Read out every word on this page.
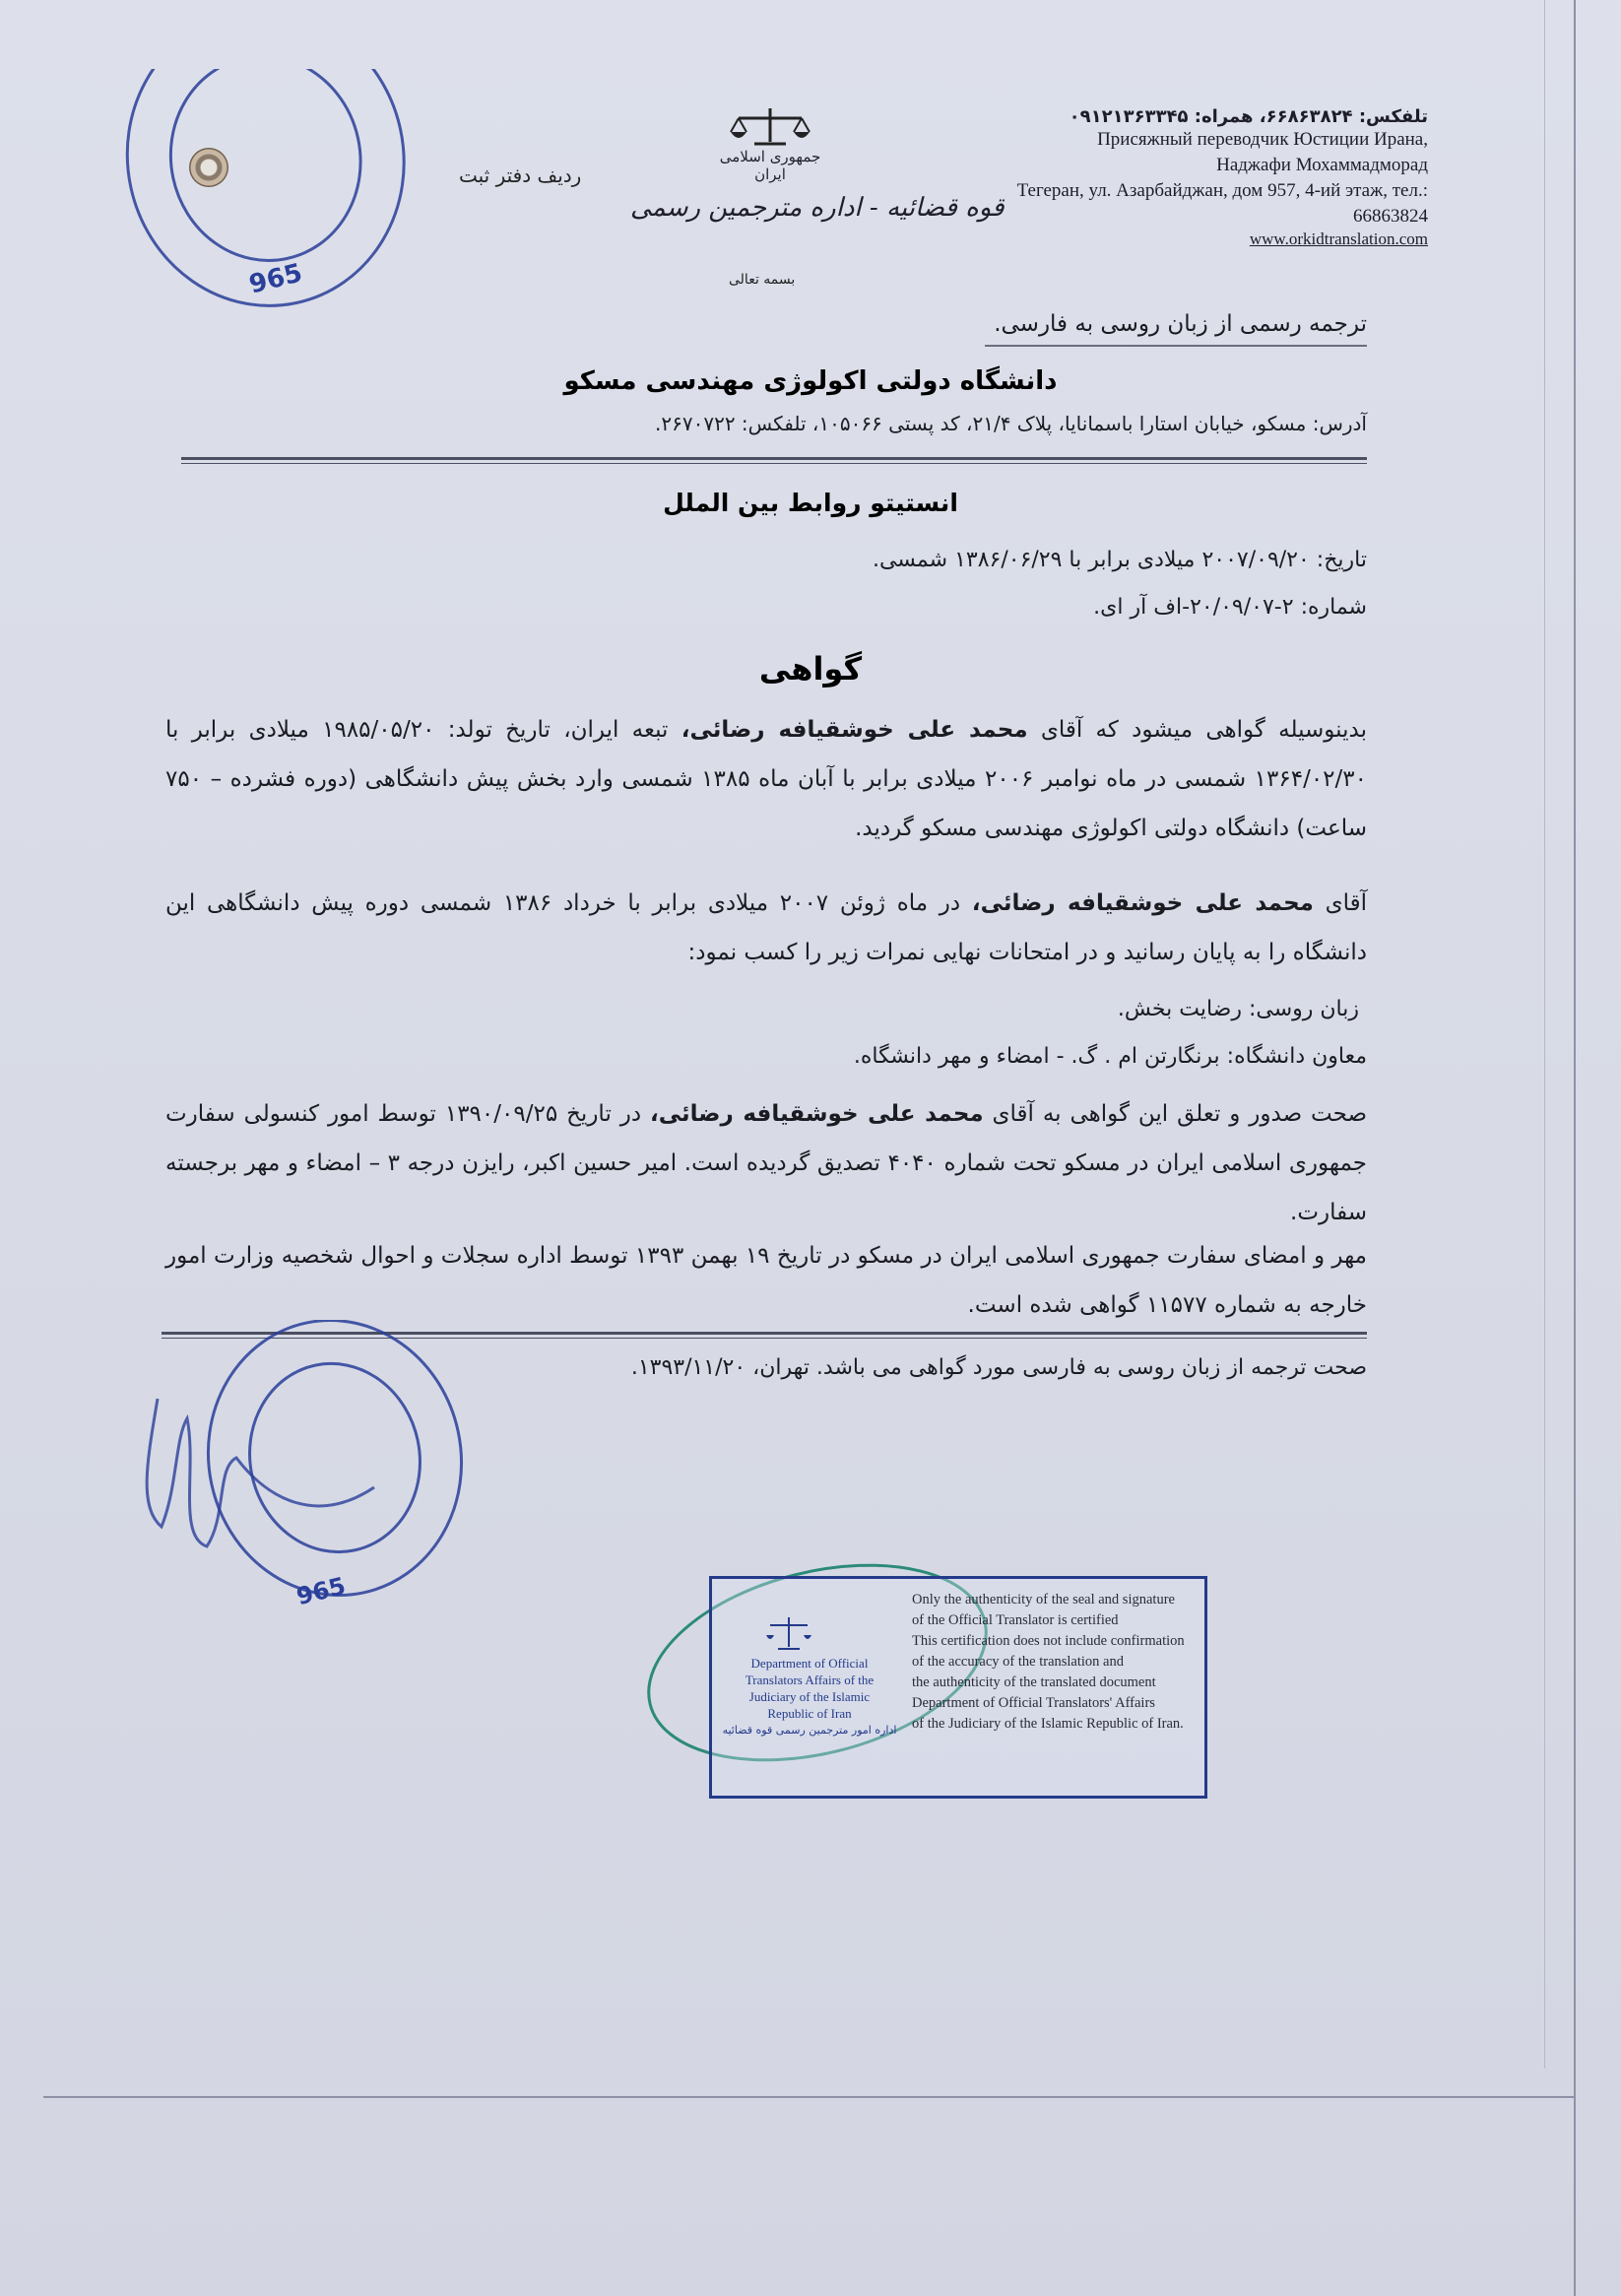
تلفکس: ۶۶۸۶۳۸۲۴، همراه: ۰۹۱۲۱۳۶۳۳۴۵
Присяжный переводчик Юстиции Ирана,
Наджафи Мохаммадморад
Тегеран, ул. Азарбайджан, дом 957, 4-ий этаж, тел.: 66863824
www.orkidtranslation.com
جمهوری اسلامی ایران
قوه قضائیه - اداره مترجمین رسمی
ردیف دفتر ثبت
بسمه تعالی
965
ترجمه رسمی از زبان روسی به فارسی.
دانشگاه دولتی اکولوژی مهندسی مسکو
آدرس: مسکو، خیابان استارا باسمانایا، پلاک ۲۱/۴، کد پستی ۱۰۵۰۶۶، تلفکس: ۲۶۷۰۷۲۲.
انستیتو روابط بین الملل
تاریخ: ۲۰۰۷/۰۹/۲۰ میلادی برابر با ۱۳۸۶/۰۶/۲۹ شمسی.
شماره: ۲-۲۰/۰۹/۰۷-اف آر ای.
گواهی
بدینوسیله گواهی میشود که آقای محمد علی خوشقیافه رضائی، تبعه ایران، تاریخ تولد: ۱۹۸۵/۰۵/۲۰ میلادی برابر با ۱۳۶۴/۰۲/۳۰ شمسی در ماه نوامبر ۲۰۰۶ میلادی برابر با آبان ماه ۱۳۸۵ شمسی وارد بخش پیش دانشگاهی (دوره فشرده – ۷۵۰ ساعت) دانشگاه دولتی اکولوژی مهندسی مسکو گردید.
آقای محمد علی خوشقیافه رضائی، در ماه ژوئن ۲۰۰۷ میلادی برابر با خرداد ۱۳۸۶ شمسی دوره پیش دانشگاهی این دانشگاه را به پایان رسانید و در امتحانات نهایی نمرات زیر را کسب نمود:
زبان روسی: رضایت بخش.
معاون دانشگاه: برنگارتن ام . گ. - امضاء و مهر دانشگاه.
صحت صدور و تعلق این گواهی به آقای محمد علی خوشقیافه رضائی، در تاریخ ۱۳۹۰/۰۹/۲۵ توسط امور کنسولی سفارت جمهوری اسلامی ایران در مسکو تحت شماره ۴۰۴۰ تصدیق گردیده است. امیر حسین اکبر، رایزن درجه ۳ – امضاء و مهر برجسته سفارت.
مهر و امضای سفارت جمهوری اسلامی ایران در مسکو در تاریخ ۱۹ بهمن ۱۳۹۳ توسط اداره سجلات و احوال شخصیه وزارت امور خارجه به شماره ۱۱۵۷۷ گواهی شده است.
صحت ترجمه از زبان روسی به فارسی مورد گواهی می باشد. تهران، ۱۳۹۳/۱۱/۲۰.
965
Department of Official
Translators Affairs of the Judiciary of the Islamic
Republic of Iran
اداره امور مترجمین رسمی قوه قضائیه
Only the authenticity of the seal and signature
of the Official Translator is certified
This certification does not include confirmation
of the accuracy of the translation and
the authenticity of the translated document
Department of Official Translators' Affairs
of the Judiciary of the Islamic Republic of Iran.
